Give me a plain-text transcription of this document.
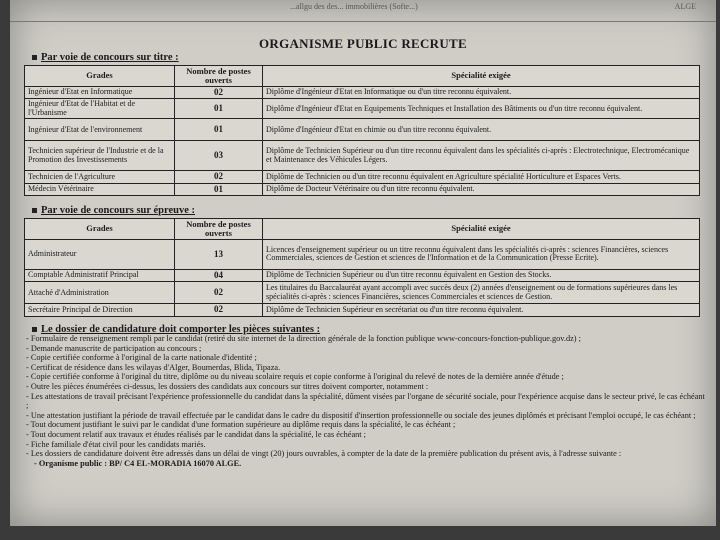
...allgu des des... immobilières (Softe...)	ALGE
ORGANISME PUBLIC RECRUTE
Par voie de concours sur titre :
Grades	Nombre de postes ouverts	Spécialité exigée
Ingénieur d'Etat en Informatique	02	Diplôme d'Ingénieur d'Etat en Informatique ou d'un titre reconnu équivalent.
Ingénieur d'Etat de l'Habitat et de l'Urbanisme	01	Diplôme d'Ingénieur d'Etat en Equipements Techniques et Installation des Bâtiments ou d'un titre reconnu équivalent.
Ingénieur d'Etat de l'environnement	01	Diplôme d'Ingénieur d'Etat en chimie ou d'un titre reconnu équivalent.
Technicien supérieur de l'Industrie et de la Promotion des Investissements	03	Diplôme de Technicien Supérieur ou d'un titre reconnu équivalent dans les spécialités ci-après : Electrotechnique, Electromécanique et Maintenance des Véhicules Légers.
Technicien de l'Agriculture	02	Diplôme de Technicien ou d'un titre reconnu équivalent en Agriculture spécialité Horticulture et Espaces Verts.
Médecin Vétérinaire	01	Diplôme de Docteur Vétérinaire ou d'un titre reconnu équivalent.
Par voie de concours sur épreuve :
Grades	Nombre de postes ouverts	Spécialité exigée
Administrateur	13	Licences d'enseignement supérieur ou un titre reconnu équivalent dans les spécialités ci-après : sciences Financières, sciences Commerciales, sciences de Gestion et sciences de l'Information et de la Communication (Presse Ecrite).
Comptable Administratif Principal	04	Diplôme de Technicien Supérieur ou d'un titre reconnu équivalent en Gestion des Stocks.
Attaché d'Administration	02	Les titulaires du Baccalauréat ayant accompli avec succès deux (2) années d'enseignement ou de formations supérieures dans les spécialités ci-après : sciences Financières, sciences Commerciales et sciences de Gestion.
Secrétaire Principal de Direction	02	Diplôme de Technicien Supérieur en secrétariat ou d'un titre reconnu équivalent.
Le dossier de candidature doit comporter les pièces suivantes :
- Formulaire de renseignement rempli par le candidat (retiré du site internet de la direction générale de la fonction publique www-concours-fonction-publique.gov.dz) ;
- Demande manuscrite de participation au concours ;
- Copie certifiée conforme à l'original de la carte nationale d'identité ;
- Certificat de résidence dans les wilayas d'Alger, Boumerdas, Blida, Tipaza.
- Copie certifiée conforme à l'original du titre, diplôme ou du niveau scolaire requis et copie conforme à l'original du relevé de notes de la dernière année d'étude ;
- Outre les pièces énumérées ci-dessus, les dossiers des candidats aux concours sur titres doivent comporter, notamment :
- Les attestations de travail précisant l'expérience professionnelle du candidat dans la spécialité, dûment visées par l'organe de sécurité sociale, pour l'expérience acquise dans le secteur privé, le cas échéant ;
- Une attestation justifiant la période de travail effectuée par le candidat dans le cadre du dispositif d'insertion professionnelle ou sociale des jeunes diplômés et précisant l'emploi occupé, le cas échéant ;
- Tout document justifiant le suivi par le candidat d'une formation supérieure au diplôme requis dans la spécialité, le cas échéant ;
- Tout document relatif aux travaux et études réalisés par le candidat dans la spécialité, le cas échéant ;
- Fiche familiale d'état civil pour les candidats mariés.
- Les dossiers de candidature doivent être adressés dans un délai de vingt (20) jours ouvrables, à compter de la date de la première publication du présent avis, à l'adresse suivante :
- Organisme public : BP/ C4 EL-MORADIA 16070 ALGE.
